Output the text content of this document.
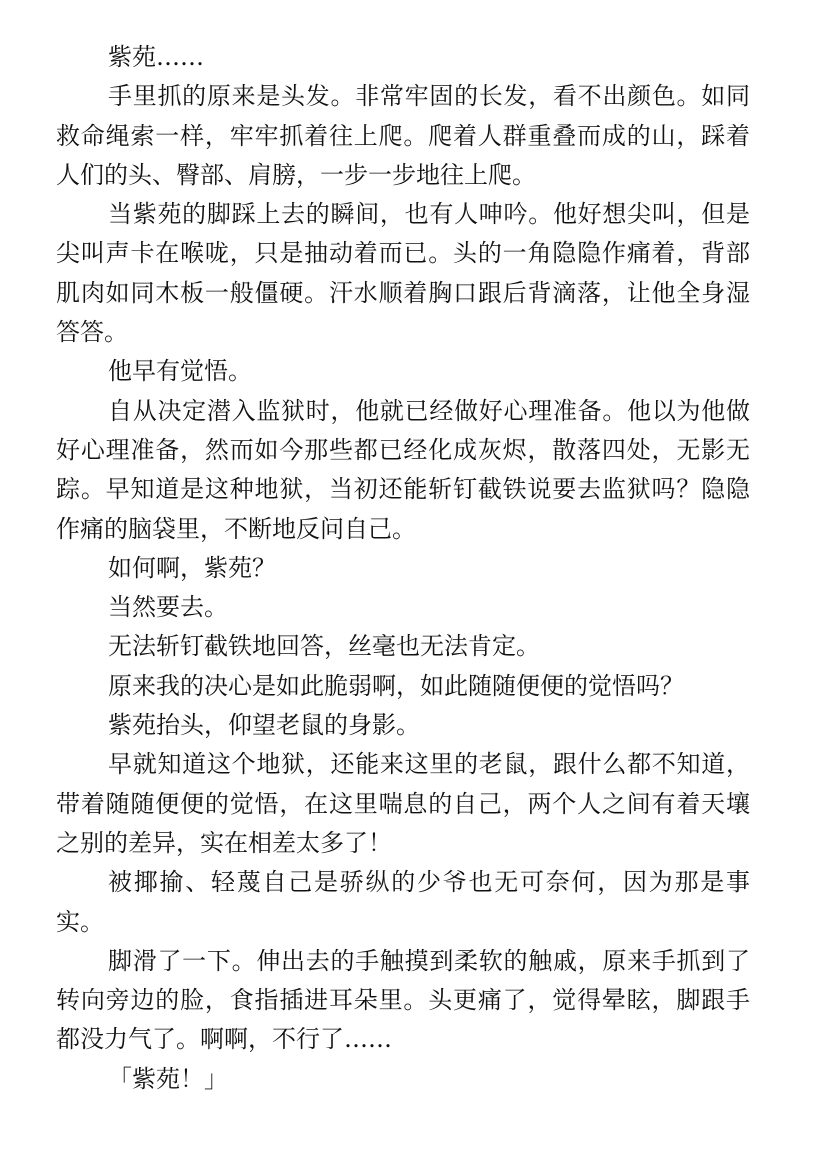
紫苑……

手里抓的原来是头发。非常牢固的长发，看不出颜色。如同救命绳索一样，牢牢抓着往上爬。爬着人群重叠而成的山，踩着人们的头、臀部、肩膀，一步一步地往上爬。

当紫苑的脚踩上去的瞬间，也有人呻吟。他好想尖叫，但是尖叫声卡在喉咙，只是抽动着而已。头的一角隐隐作痛着，背部肌肉如同木板一般僵硬。汗水顺着胸口跟后背滴落，让他全身湿答答。

他早有觉悟。

自从决定潜入监狱时，他就已经做好心理准备。他以为他做好心理准备，然而如今那些都已经化成灰烬，散落四处，无影无踪。早知道是这种地狱，当初还能斩钉截铁说要去监狱吗？隐隐作痛的脑袋里，不断地反问自己。

如何啊，紫苑？

当然要去。

无法斩钉截铁地回答，丝毫也无法肯定。

原来我的决心是如此脆弱啊，如此随随便便的觉悟吗？

紫苑抬头，仰望老鼠的身影。

早就知道这个地狱，还能来这里的老鼠，跟什么都不知道，带着随随便便的觉悟，在这里喘息的自己，两个人之间有着天壤之别的差异，实在相差太多了！

被揶揄、轻蔑自己是骄纵的少爷也无可奈何，因为那是事实。

脚滑了一下。伸出去的手触摸到柔软的触戚，原来手抓到了转向旁边的脸，食指插进耳朵里。头更痛了，觉得晕眩，脚跟手都没力气了。啊啊，不行了……

「紫苑！」
